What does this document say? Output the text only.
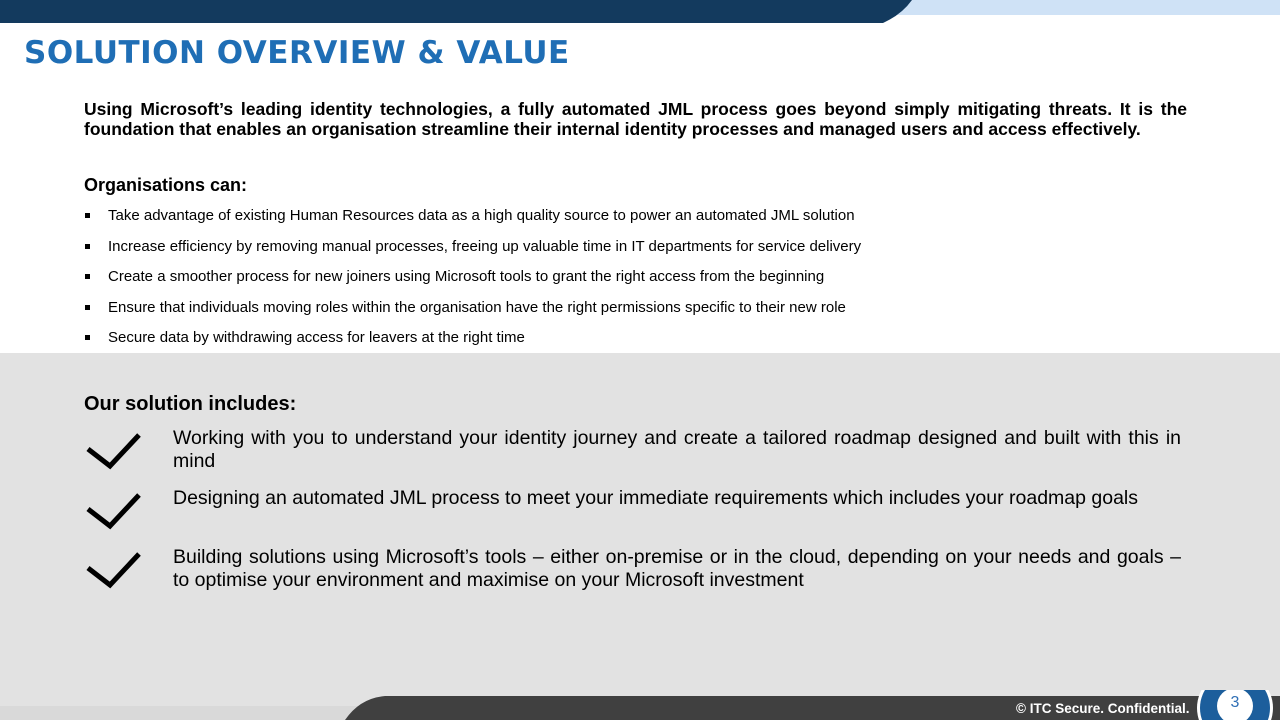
SOLUTION OVERVIEW & VALUE

Using Microsoft’s leading identity technologies, a fully automated JML process goes beyond simply mitigating threats. It is the foundation that enables an organisation streamline their internal identity processes and managed users and access effectively.

Organisations can:
Take advantage of existing Human Resources data as a high quality source to power an automated JML solution
Increase efficiency by removing manual processes, freeing up valuable time in IT departments for service delivery
Create a smoother process for new joiners using Microsoft tools to grant the right access from the beginning
Ensure that individuals moving roles within the organisation have the right permissions specific to their new role
Secure data by withdrawing access for leavers at the right time
Our solution includes:
Working with you to understand your identity journey and create a tailored roadmap designed and built with this in mind
Designing an automated JML process to meet your immediate requirements which includes your roadmap goals
Building solutions using Microsoft’s tools – either on-premise or in the cloud, depending on your needs and goals – to optimise your environment and maximise on your Microsoft investment
© ITC Secure. Confidential.	3
